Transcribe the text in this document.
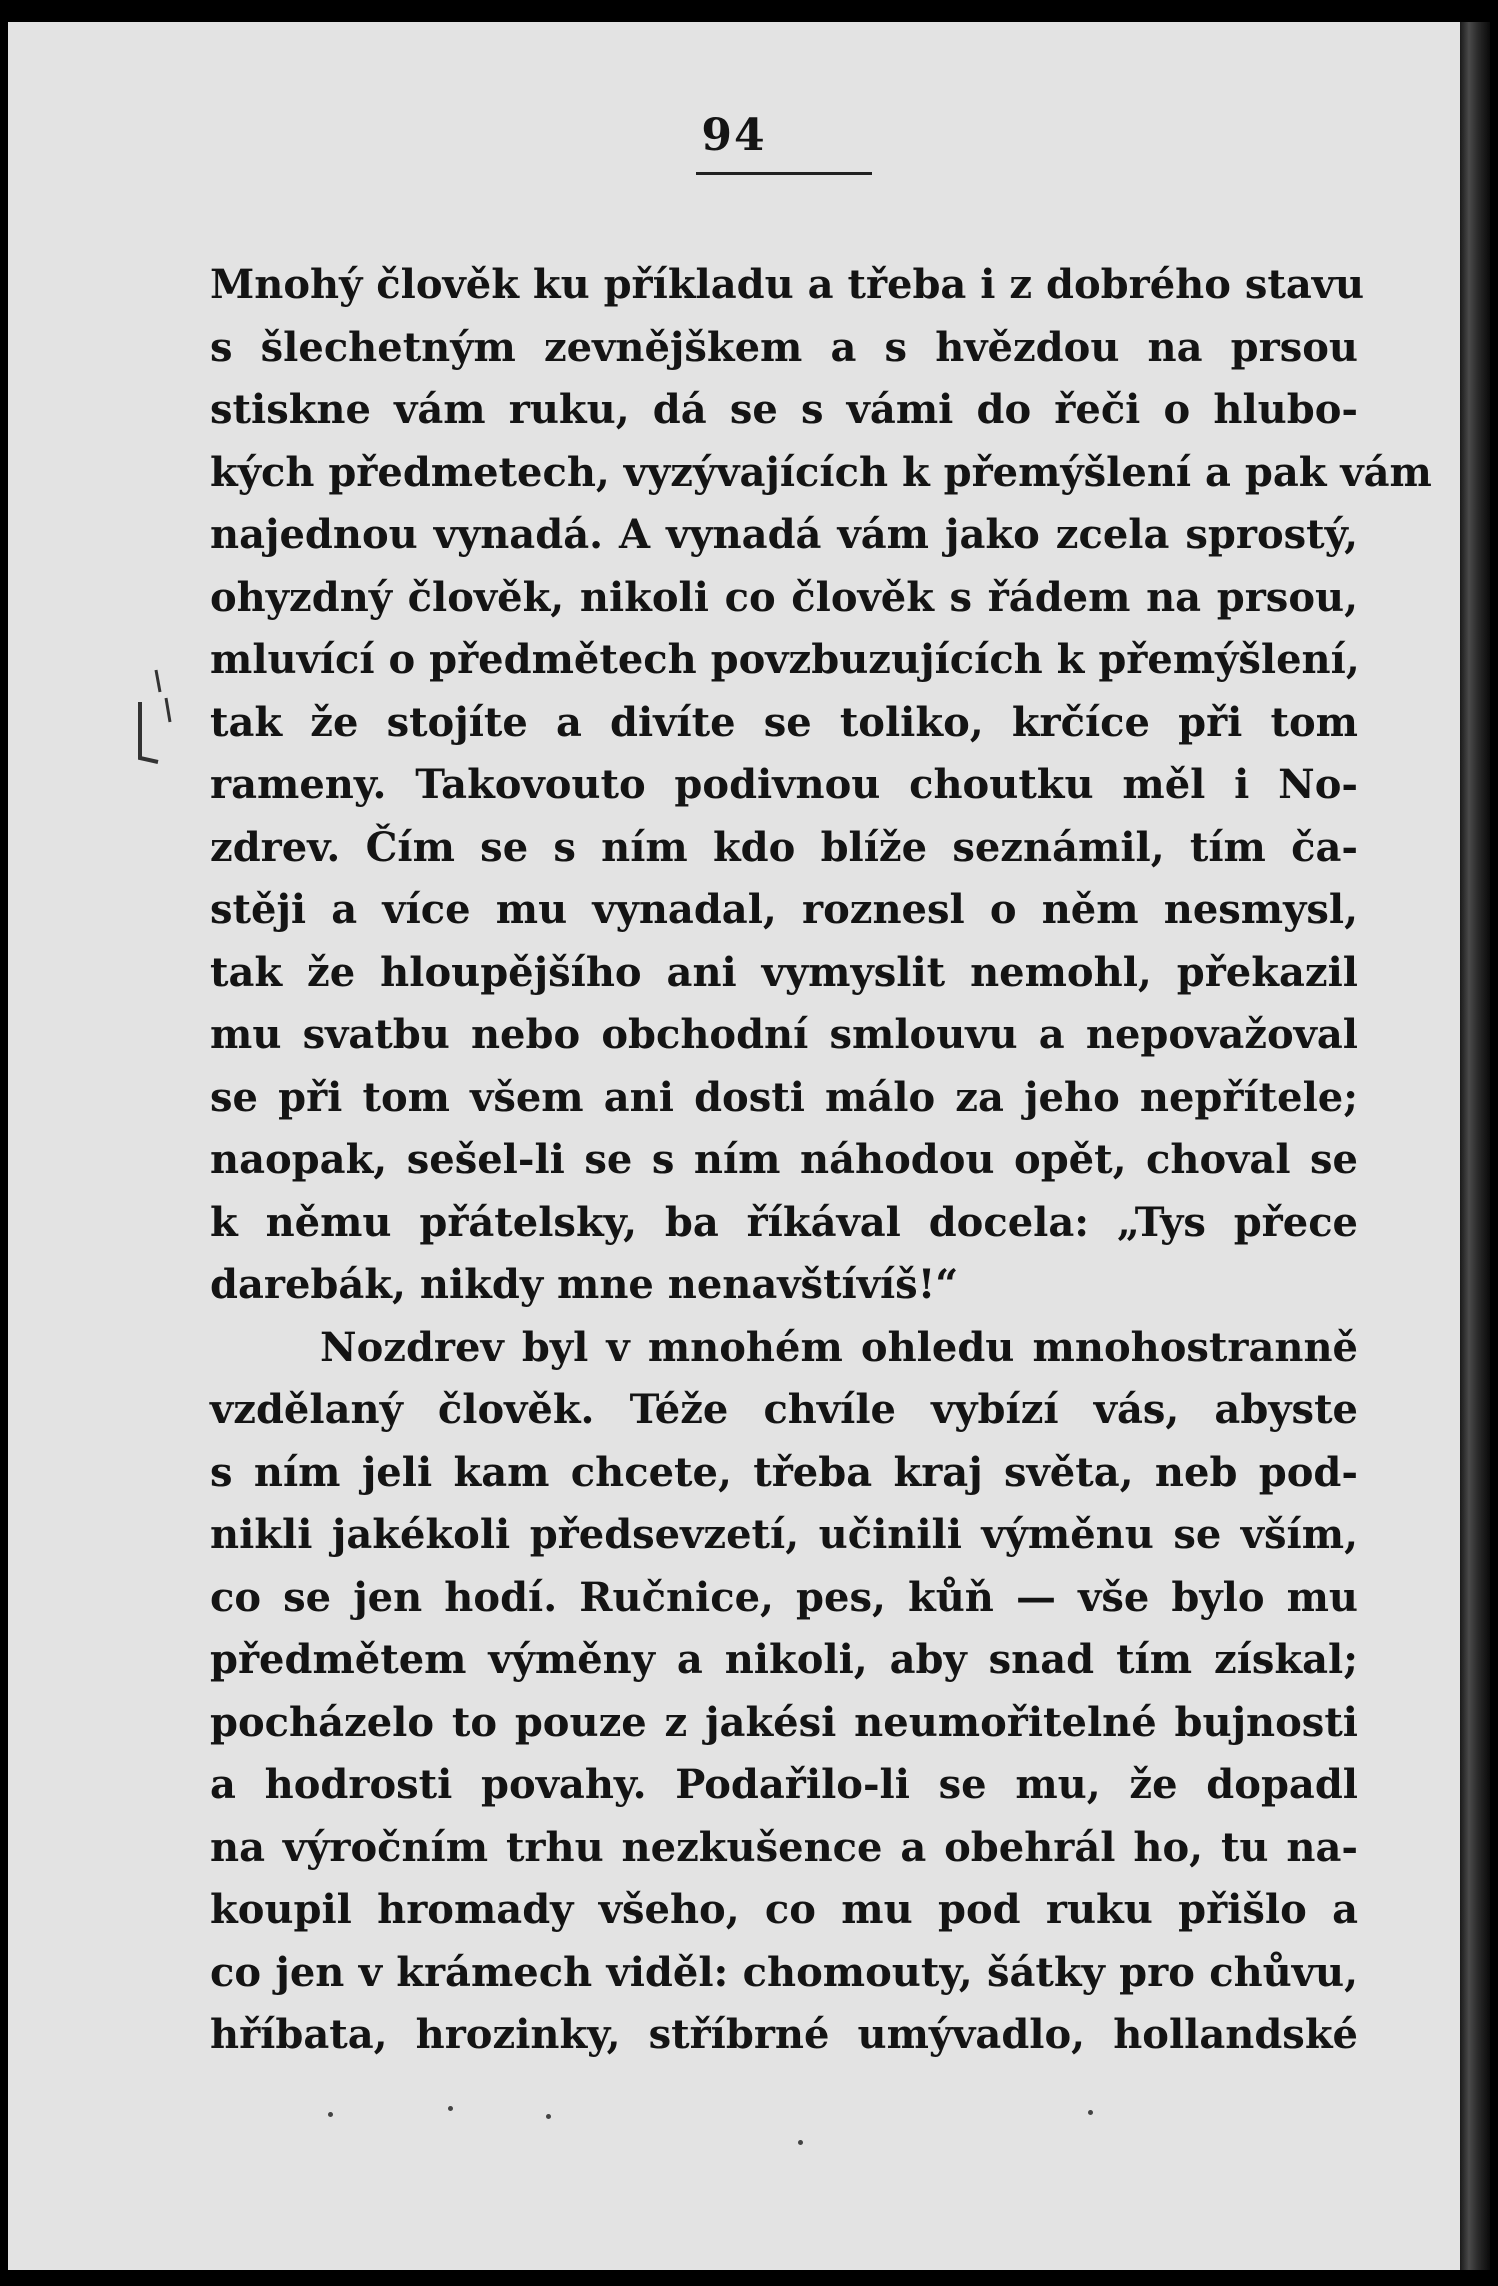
94
Mnohý člověk ku příkladu a třeba i z dobrého stavu
s šlechetným zevnějškem a s hvězdou na prsou
stiskne vám ruku, dá se s vámi do řeči o hlubo-
kých předmetech, vyzývajících k přemýšlení a pak vám
najednou vynadá. A vynadá vám jako zcela sprostý,
ohyzdný člověk, nikoli co člověk s řádem na prsou,
mluvící o předmětech povzbuzujících k přemýšlení,
tak že stojíte a divíte se toliko, krčíce při tom
rameny. Takovouto podivnou choutku měl i No-
zdrev. Čím se s ním kdo blíže seznámil, tím ča-
stěji a více mu vynadal, roznesl o něm nesmysl,
tak že hloupějšího ani vymyslit nemohl, překazil
mu svatbu nebo obchodní smlouvu a nepovažoval
se při tom všem ani dosti málo za jeho nepřítele;
naopak, sešel-li se s ním náhodou opět, choval se
k němu přátelsky, ba říkával docela: „Tys přece
darebák, nikdy mne nenavštívíš!“
Nozdrev byl v mnohém ohledu mnohostranně
vzdělaný člověk. Téže chvíle vybízí vás, abyste
s ním jeli kam chcete, třeba kraj světa, neb pod-
nikli jakékoli předsevzetí, učinili výměnu se vším,
co se jen hodí. Ručnice, pes, kůň — vše bylo mu
předmětem výměny a nikoli, aby snad tím získal;
pocházelo to pouze z jakési neumořitelné bujnosti
a hodrosti povahy. Podařilo-li se mu, že dopadl
na výročním trhu nezkušence a obehrál ho, tu na-
koupil hromady všeho, co mu pod ruku přišlo a
co jen v krámech viděl: chomouty, šátky pro chůvu,
hříbata, hrozinky, stříbrné umývadlo, hollandské
